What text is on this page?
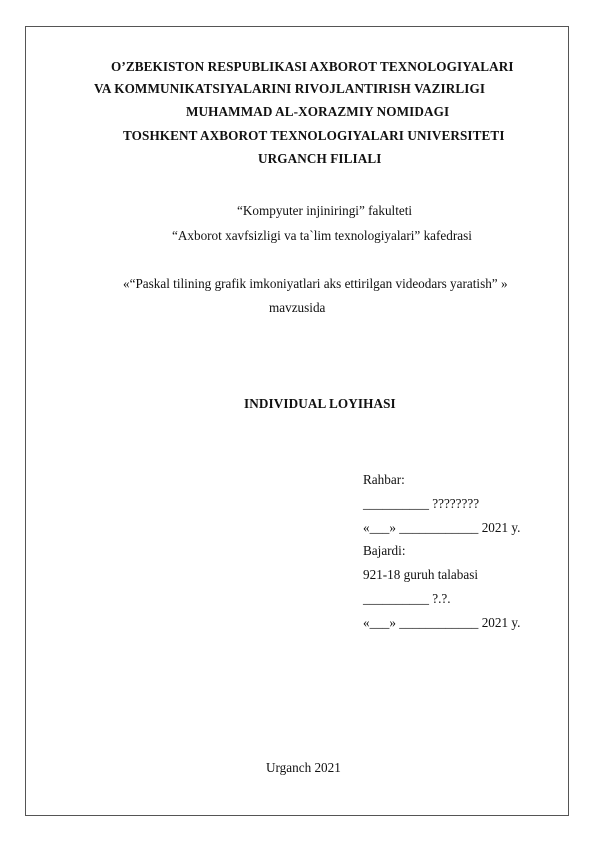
O’ZBEKISTON RESPUBLIKASI AXBOROT TEXNOLOGIYALARI
VA KOMMUNIKATSIYALARINI RIVOJLANTIRISH VAZIRLIGI
MUHAMMAD AL-XORAZMIY NOMIDAGI
TOSHKENT AXBOROT TEXNOLOGIYALARI UNIVERSITETI
URGANCH FILIALI
“Kompyuter injiniringi” fakulteti
“Axborot xavfsizligi va ta`lim texnologiyalari” kafedrasi
«“Paskal tilining grafik imkoniyatlari aks ettirilgan videodars yaratish” »
mavzusida
INDIVIDUAL LOYIHASI
Rahbar:
__________ ????????
«___» ____________ 2021 y.
Bajardi:
921-18 guruh talabasi
__________ ?.?.
«___» ____________ 2021 y.
Urganch 2021
